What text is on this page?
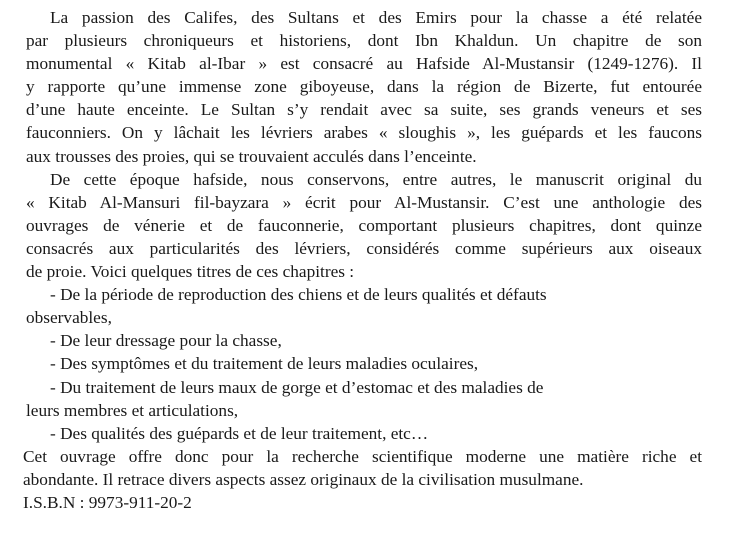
La passion des Califes, des Sultans et des Emirs pour la chasse a été relatée
par plusieurs chroniqueurs et historiens, dont Ibn Khaldun. Un chapitre de son
monumental « Kitab al-Ibar » est consacré au Hafside Al-Mustansir (1249-1276). Il
y rapporte qu’une immense zone giboyeuse, dans la région de Bizerte, fut entourée
d’une haute enceinte. Le Sultan s’y rendait avec sa suite, ses grands veneurs et ses
fauconniers. On y lâchait les lévriers arabes « sloughis », les guépards et les faucons
aux trousses des proies, qui se trouvaient acculés dans l’enceinte.
De cette époque hafside, nous conservons, entre autres, le manuscrit original du
« Kitab Al-Mansuri fil-bayzara » écrit pour Al-Mustansir. C’est une anthologie des
ouvrages de vénerie et de fauconnerie, comportant plusieurs chapitres, dont quinze
consacrés aux particularités des lévriers, considérés comme supérieurs aux oiseaux
de proie. Voici quelques titres de ces chapitres :
- De la période de reproduction des chiens et de leurs qualités et défauts
observables,
- De leur dressage pour la chasse,
- Des symptômes et du traitement de leurs maladies oculaires,
- Du traitement de leurs maux de gorge et d’estomac et des maladies de
leurs membres et articulations,
- Des qualités des guépards et de leur traitement, etc…
Cet ouvrage offre donc pour la recherche scientifique moderne une matière riche et
abondante. Il retrace divers aspects assez originaux de la civilisation musulmane.
I.S.B.N : 9973-911-20-2
